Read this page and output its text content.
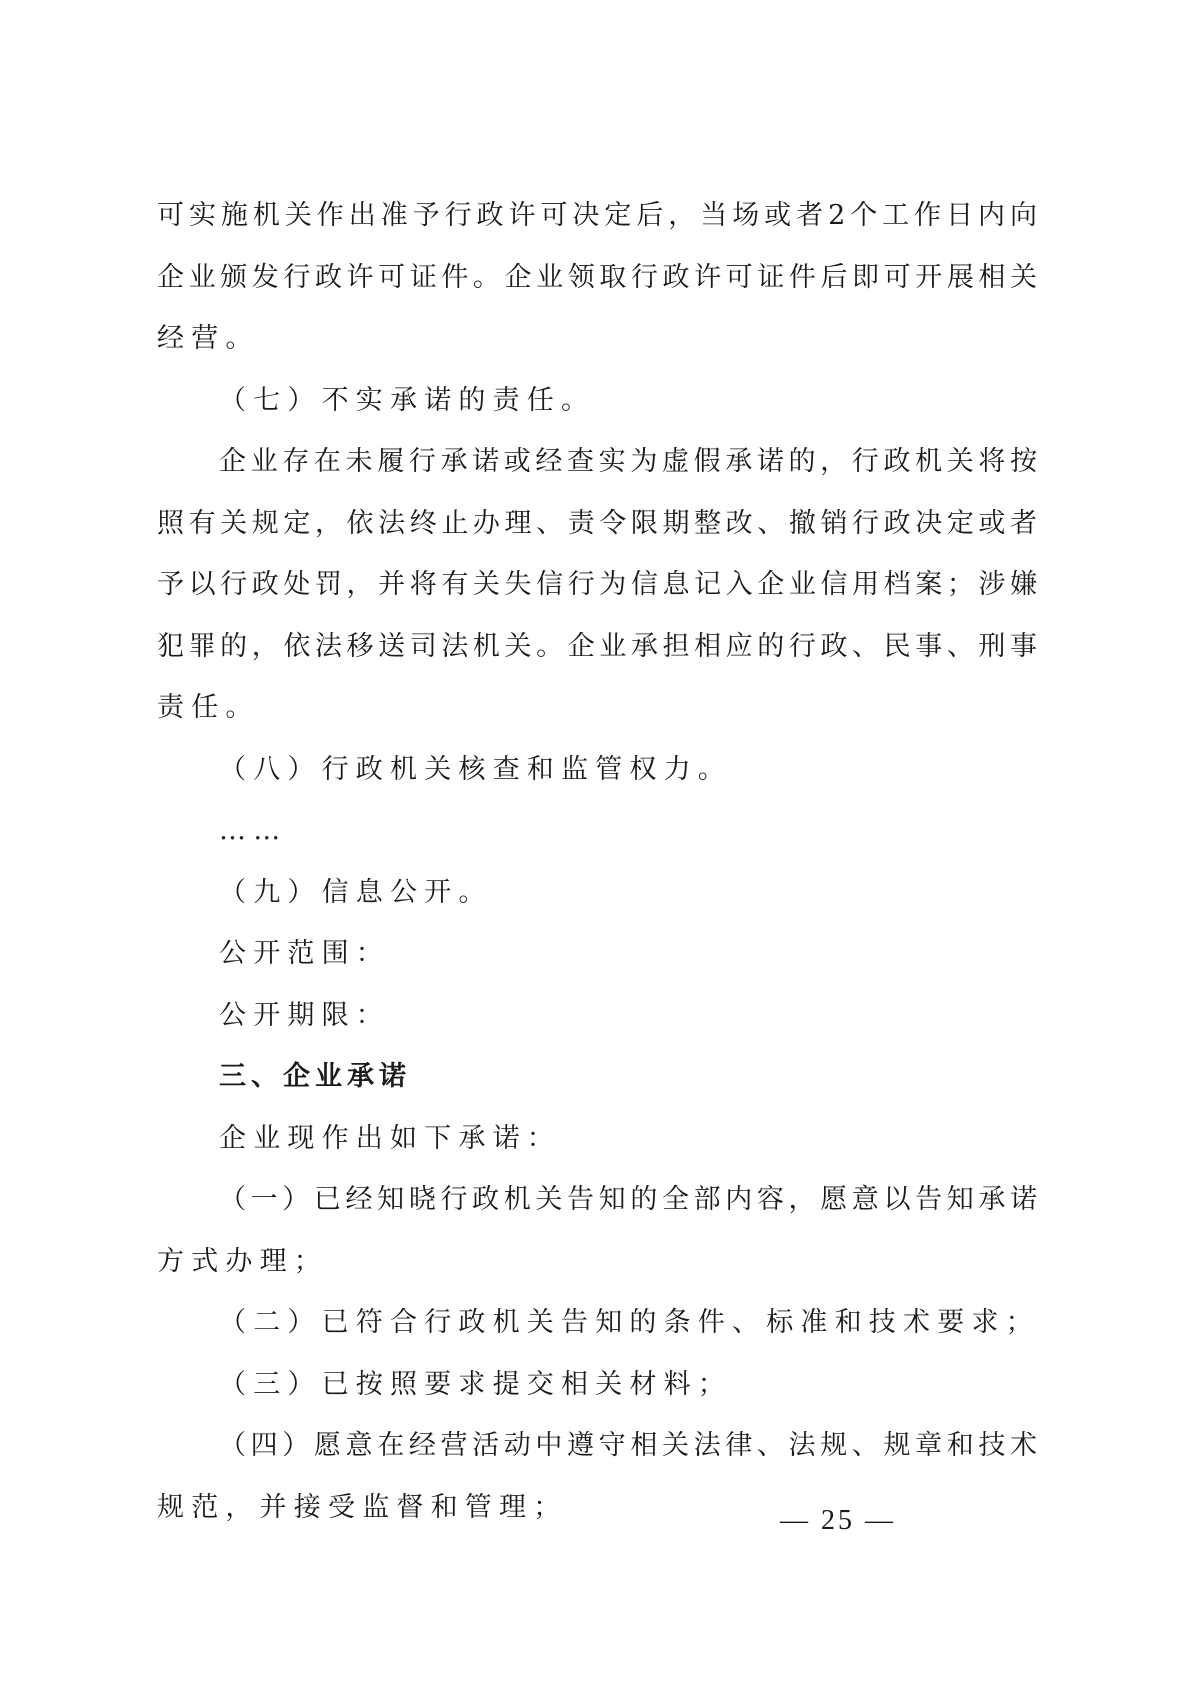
可实施机关作出准予行政许可决定后，当场或者2个工作日内向
企业颁发行政许可证件。企业领取行政许可证件后即可开展相关
经营。
（七）不实承诺的责任。
企业存在未履行承诺或经查实为虚假承诺的，行政机关将按
照有关规定，依法终止办理、责令限期整改、撤销行政决定或者
予以行政处罚，并将有关失信行为信息记入企业信用档案；涉嫌
犯罪的，依法移送司法机关。企业承担相应的行政、民事、刑事
责任。
（八）行政机关核查和监管权力。
……
（九）信息公开。
公开范围：
公开期限：
三、企业承诺
企业现作出如下承诺：
（一）已经知晓行政机关告知的全部内容，愿意以告知承诺
方式办理；
（二）已符合行政机关告知的条件、标准和技术要求；
（三）已按照要求提交相关材料；
（四）愿意在经营活动中遵守相关法律、法规、规章和技术
规范，并接受监督和管理；	— 25 —
